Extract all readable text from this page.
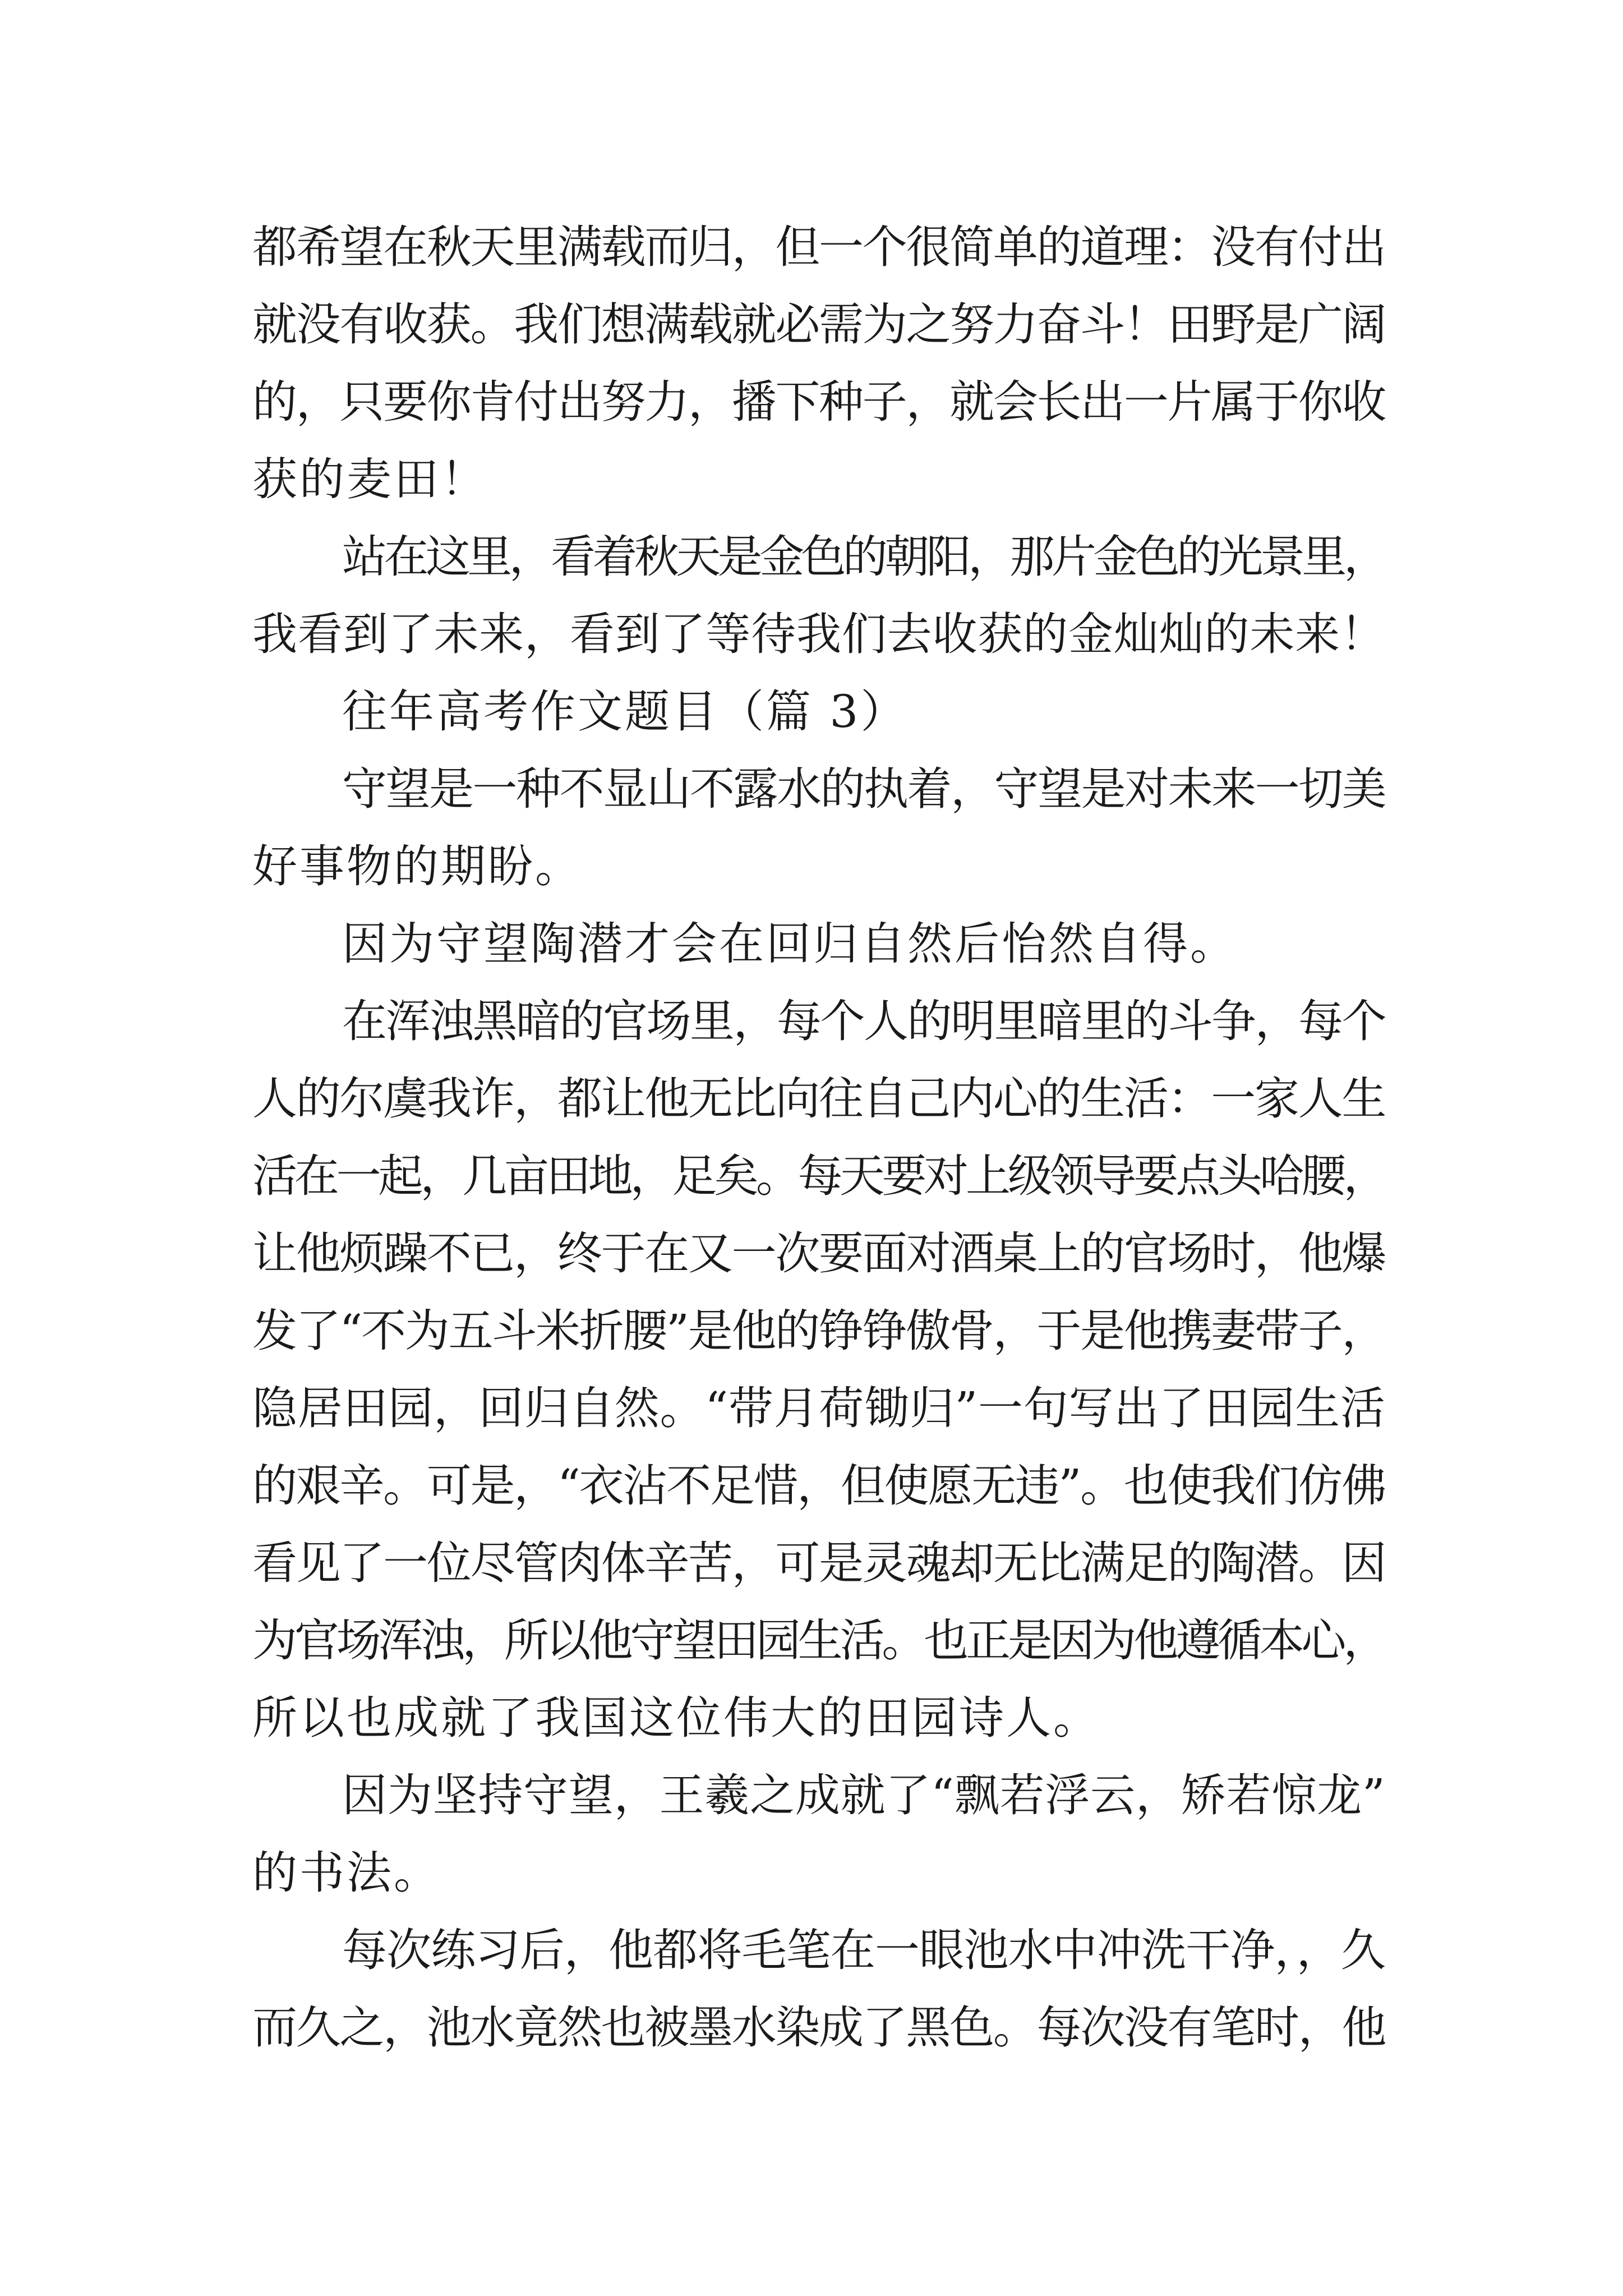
都希望在秋天里满载而归，但一个很简单的道理：没有付出
就没有收获。我们想满载就必需为之努力奋斗！田野是广阔
的，只要你肯付出努力，播下种子，就会长出一片属于你收
获的麦田！
站在这里，看着秋天是金色的朝阳，那片金色的光景里，
我看到了未来，看到了等待我们去收获的金灿灿的未来！
往年高考作文题目（篇 3）
守望是一种不显山不露水的执着，守望是对未来一切美
好事物的期盼。
因为守望陶潜才会在回归自然后怡然自得。
在浑浊黑暗的官场里，每个人的明里暗里的斗争，每个
人的尔虞我诈，都让他无比向往自己内心的生活：一家人生
活在一起，几亩田地，足矣。每天要对上级领导要点头哈腰，
让他烦躁不已，终于在又一次要面对酒桌上的官场时，他爆
发了“不为五斗米折腰”是他的铮铮傲骨，于是他携妻带子，
隐居田园，回归自然。“带月荷锄归”一句写出了田园生活
的艰辛。可是，“衣沾不足惜，但使愿无违”。也使我们仿佛
看见了一位尽管肉体辛苦，可是灵魂却无比满足的陶潜。因
为官场浑浊，所以他守望田园生活。也正是因为他遵循本心，
所以也成就了我国这位伟大的田园诗人。
因为坚持守望，王羲之成就了“飘若浮云，矫若惊龙”
的书法。
每次练习后，他都将毛笔在一眼池水中冲洗干净，，久
而久之，池水竟然也被墨水染成了黑色。每次没有笔时，他
